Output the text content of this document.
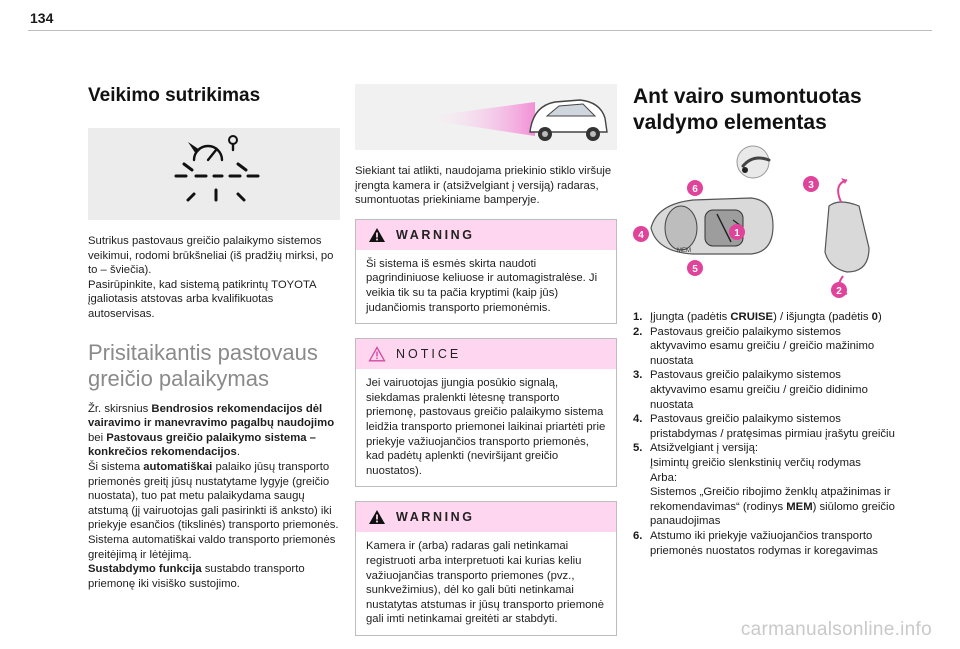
134
Veikimo sutrikimas

Sutrikus pastovaus greičio palaikymo sistemos veikimui, rodomi brūkšneliai (iš pradžių mirksi, po to – šviečia).

Pasirūpinkite, kad sistemą patikrintų TOYOTA įgaliotasis atstovas arba kvalifikuotas autoservisas.

Prisitaikantis pastovaus
greičio palaikymas

Žr. skirsnius Bendrosios rekomendacijos dėl vairavimo ir manevravimo pagalbų naudojimo bei Pastovaus greičio palaikymo sistema – konkrečios rekomendacijos.

Ši sistema automatiškai palaiko jūsų transporto priemonės greitį jūsų nustatytame lygyje (greičio nuostata), tuo pat metu palaikydama saugų atstumą (jį vairuotojas gali pasirinkti iš anksto) iki priekyje esančios (tikslinės) transporto priemonės. Sistema automatiškai valdo transporto priemonės greitėjimą ir lėtėjimą.

Sustabdymo funkcija sustabdo transporto priemonę iki visiško sustojimo.

Siekiant tai atlikti, naudojama priekinio stiklo viršuje įrengta kamera ir (atsižvelgiant į versiją) radaras, sumontuotas priekiniame bamperyje.

WARNING

Ši sistema iš esmės skirta naudoti pagrindiniuose keliuose ir automagistralėse. Ji veikia tik su ta pačia kryptimi (kaip jūs) judančiomis transporto priemonėmis.

NOTICE

Jei vairuotojas įjungia posūkio signalą, siekdamas pralenkti lėtesnę transporto priemonę, pastovaus greičio palaikymo sistema leidžia transporto priemonei laikinai priartėti prie priekyje važiuojančios transporto priemonės, kad padėtų aplenkti (neviršijant greičio nuostatos).

WARNING

Kamera ir (arba) radaras gali netinkamai registruoti arba interpretuoti kai kurias keliu važiuojančias transporto priemones (pvz., sunkvežimius), dėl ko gali būti netinkamai nustatytas atstumas ir jūsų transporto priemonė gali imti netinkamai greitėti ar stabdyti.

Ant vairo sumontuotas
valdymo elementas
MEM
6
4
5
1
3
2
1. Įjungta (padėtis CRUISE) / išjungta (padėtis 0)
2. Pastovaus greičio palaikymo sistemos aktyvavimo esamu greičiu / greičio mažinimo nuostata
3. Pastovaus greičio palaikymo sistemos aktyvavimo esamu greičiu / greičio didinimo nuostata
4. Pastovaus greičio palaikymo sistemos pristabdymas / pratęsimas pirmiau įrašytu greičiu
5. Atsižvelgiant į versiją:
Įsimintų greičio slenkstinių verčių rodymas
Arba:
Sistemos „Greičio ribojimo ženklų atpažinimas ir rekomendavimas“ (rodinys MEM) siūlomo greičio panaudojimas
6. Atstumo iki priekyje važiuojančios transporto priemonės nuostatos rodymas ir koregavimas
carmanualsonline.info
